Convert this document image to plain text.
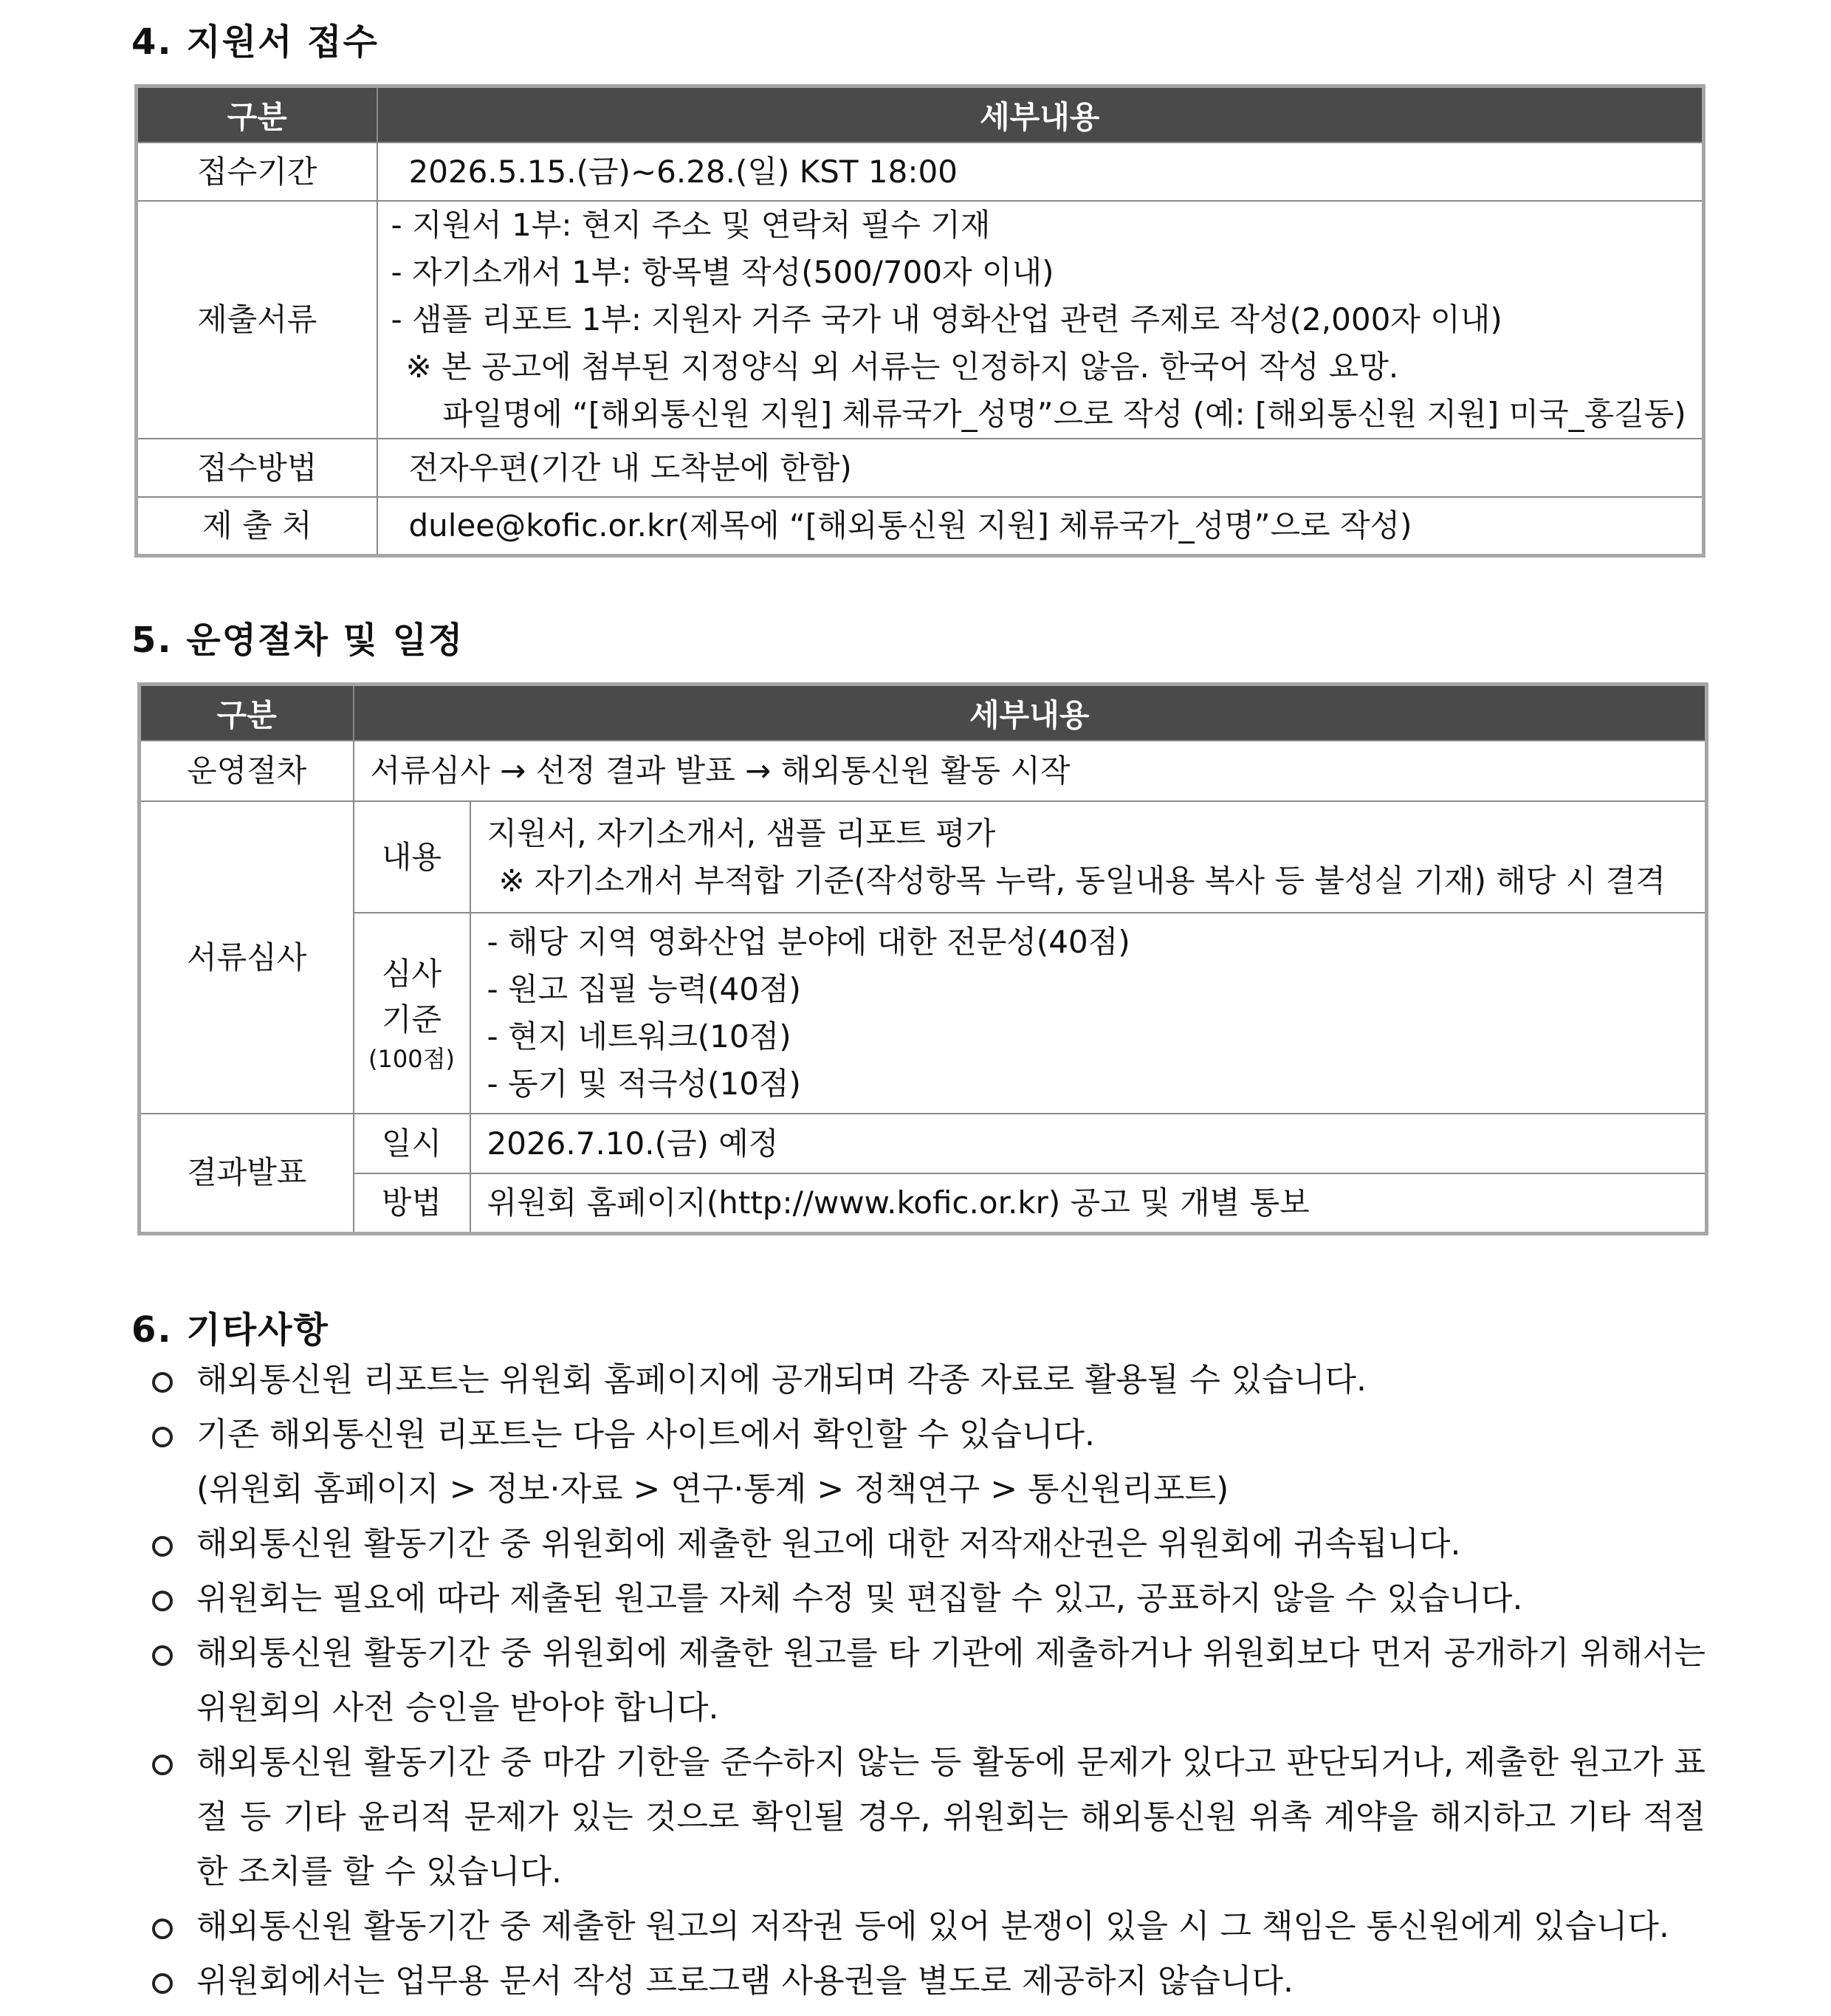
4. 지원서 접수
구분	세부내용
접수기간	2026.5.15.(금)~6.28.(일) KST 18:00

제출서류	- 지원서 1부: 현지 주소 및 연락처 필수 기재
- 자기소개서 1부: 항목별 작성(500/700자 이내)
- 샘플 리포트 1부: 지원자 거주 국가 내 영화산업 관련 주제로 작성(2,000자 이내)
※ 본 공고에 첨부된 지정양식 외 서류는 인정하지 않음. 한국어 작성 요망.
파일명에 “[해외통신원 지원] 체류국가_성명”으로 작성 (예: [해외통신원 지원] 미국_홍길동)

접수방법	전자우편(기간 내 도착분에 한함)

제 출 처	dulee@kofic.or.kr(제목에 “[해외통신원 지원] 체류국가_성명”으로 작성)
5. 운영절차 및 일정
구분	세부내용	
운영절차	서류심사 → 선정 결과 발표 → 해외통신원 활동 시작	
서류심사	내용	지원서, 자기소개서, 샘플 리포트 평가
※ 자기소개서 부적합 기준(작성항목 누락, 동일내용 복사 등 불성실 기재) 해당 시 결격

	심사
기준
(100점)	- 해당 지역 영화산업 분야에 대한 전문성(40점)
- 원고 집필 능력(40점)
- 현지 네트워크(10점)
- 동기 및 적극성(10점)

결과발표	일시	2026.7.10.(금) 예정
	방법	위원회 홈페이지(http://www.kofic.or.kr) 공고 및 개별 통보
6. 기타사항
해외통신원 리포트는 위원회 홈페이지에 공개되며 각종 자료로 활용될 수 있습니다.
기존 해외통신원 리포트는 다음 사이트에서 확인할 수 있습니다.
(위원회 홈페이지 > 정보·자료 > 연구·통계 > 정책연구 > 통신원리포트)
해외통신원 활동기간 중 위원회에 제출한 원고에 대한 저작재산권은 위원회에 귀속됩니다.
위원회는 필요에 따라 제출된 원고를 자체 수정 및 편집할 수 있고, 공표하지 않을 수 있습니다.
해외통신원 활동기간 중 위원회에 제출한 원고를 타 기관에 제출하거나 위원회보다 먼저 공개하기 위해서는 위원회의 사전 승인을 받아야 합니다.
해외통신원 활동기간 중 마감 기한을 준수하지 않는 등 활동에 문제가 있다고 판단되거나, 제출한 원고가 표절 등 기타 윤리적 문제가 있는 것으로 확인될 경우, 위원회는 해외통신원 위촉 계약을 해지하고 기타 적절한 조치를 할 수 있습니다.
해외통신원 활동기간 중 제출한 원고의 저작권 등에 있어 분쟁이 있을 시 그 책임은 통신원에게 있습니다.
위원회에서는 업무용 문서 작성 프로그램 사용권을 별도로 제공하지 않습니다.
